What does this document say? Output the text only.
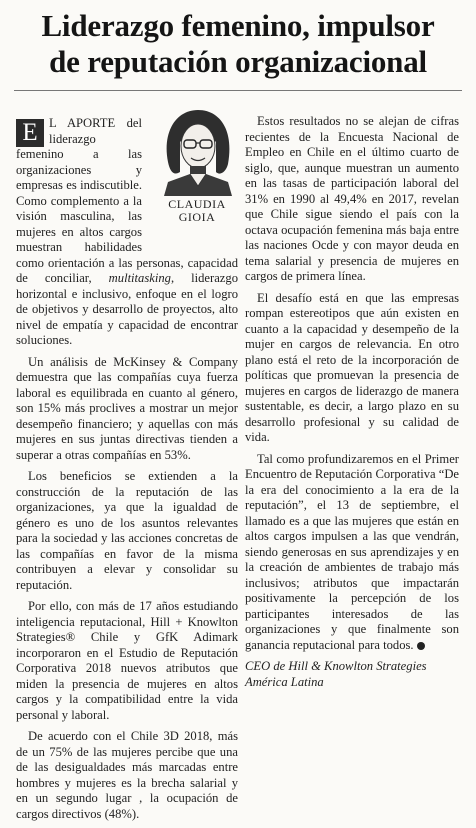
Liderazgo femenino, impulsor
de reputación organizacional
CLAUDIA
GIOIA

E L APORTE del liderazgo femenino a las organizaciones y empresas es indiscutible. Como complemento a la visión masculina, las mujeres en altos cargos muestran habilidades como orientación a las personas, capacidad de conciliar, multitasking, liderazgo horizontal e inclusivo, enfoque en el logro de objetivos y desarrollo de proyectos, alto nivel de empatía y capacidad de encontrar soluciones.

Un análisis de McKinsey & Company demuestra que las compañías cuya fuerza laboral es equilibrada en cuanto al género, son 15% más proclives a mostrar un mejor desempeño financiero; y aquellas con más mujeres en sus juntas directivas tienden a superar a otras compañías en 53%.

Los beneficios se extienden a la construcción de la reputación de las organizaciones, ya que la igualdad de género es uno de los asuntos relevantes para la sociedad y las acciones concretas de las compañías en favor de la misma contribuyen a elevar y consolidar su reputación.

Por ello, con más de 17 años estudiando inteligencia reputacional, Hill + Knowlton Strategies® Chile y GfK Adimark incorporaron en el Estudio de Reputación Corporativa 2018 nuevos atributos que miden la presencia de mujeres en altos cargos y la compatibilidad entre la vida personal y laboral.

De acuerdo con el Chile 3D 2018, más de un 75% de las mujeres percibe que una de las desigualdades más marcadas entre hombres y mujeres es la brecha salarial y en un segundo lugar , la ocupación de cargos directivos (48%).

Estos resultados no se alejan de cifras recientes de la Encuesta Nacional de Empleo en Chile en el último cuarto de siglo, que, aunque muestran un aumento en las tasas de participación laboral del 31% en 1990 al 49,4% en 2017, revelan que Chile sigue siendo el país con la octava ocupación femenina más baja entre las naciones Ocde y con mayor deuda en tema salarial y presencia de mujeres en cargos de primera línea.

El desafío está en que las empresas rompan estereotipos que aún existen en cuanto a la capacidad y desempeño de la mujer en cargos de relevancia. En otro plano está el reto de la incorporación de políticas que promuevan la presencia de mujeres en cargos de liderazgo de manera sustentable, es decir, a largo plazo en su desarrollo profesional y su calidad de vida.

Tal como profundizaremos en el Primer Encuentro de Reputación Corporativa “De la era del conocimiento a la era de la reputación”, el 13 de septiembre, el llamado es a que las mujeres que están en altos cargos impulsen a las que vendrán, siendo generosas en sus aprendizajes y en la creación de ambientes de trabajo más inclusivos; atributos que impactarán positivamente la percepción de los participantes interesados de las organizaciones y que finalmente son ganancia reputacional para todos.

CEO de Hill & Knowlton Strategies
América Latina
